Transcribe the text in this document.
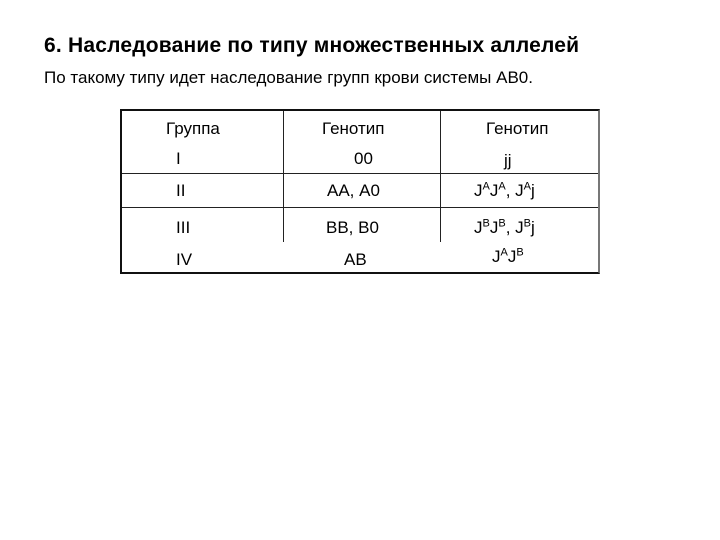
6. Наследование по типу множественных аллелей
По такому типу идет наследование групп крови системы АВ0.
Группа	Генотип	Генотип
I	00	jj
II	АА, А0	$J^AJ^A$, $J^Aj$
III	ВВ, В0	$J^BJ^B$, $J^Bj$
IV	АВ	$J^AJ^B$
